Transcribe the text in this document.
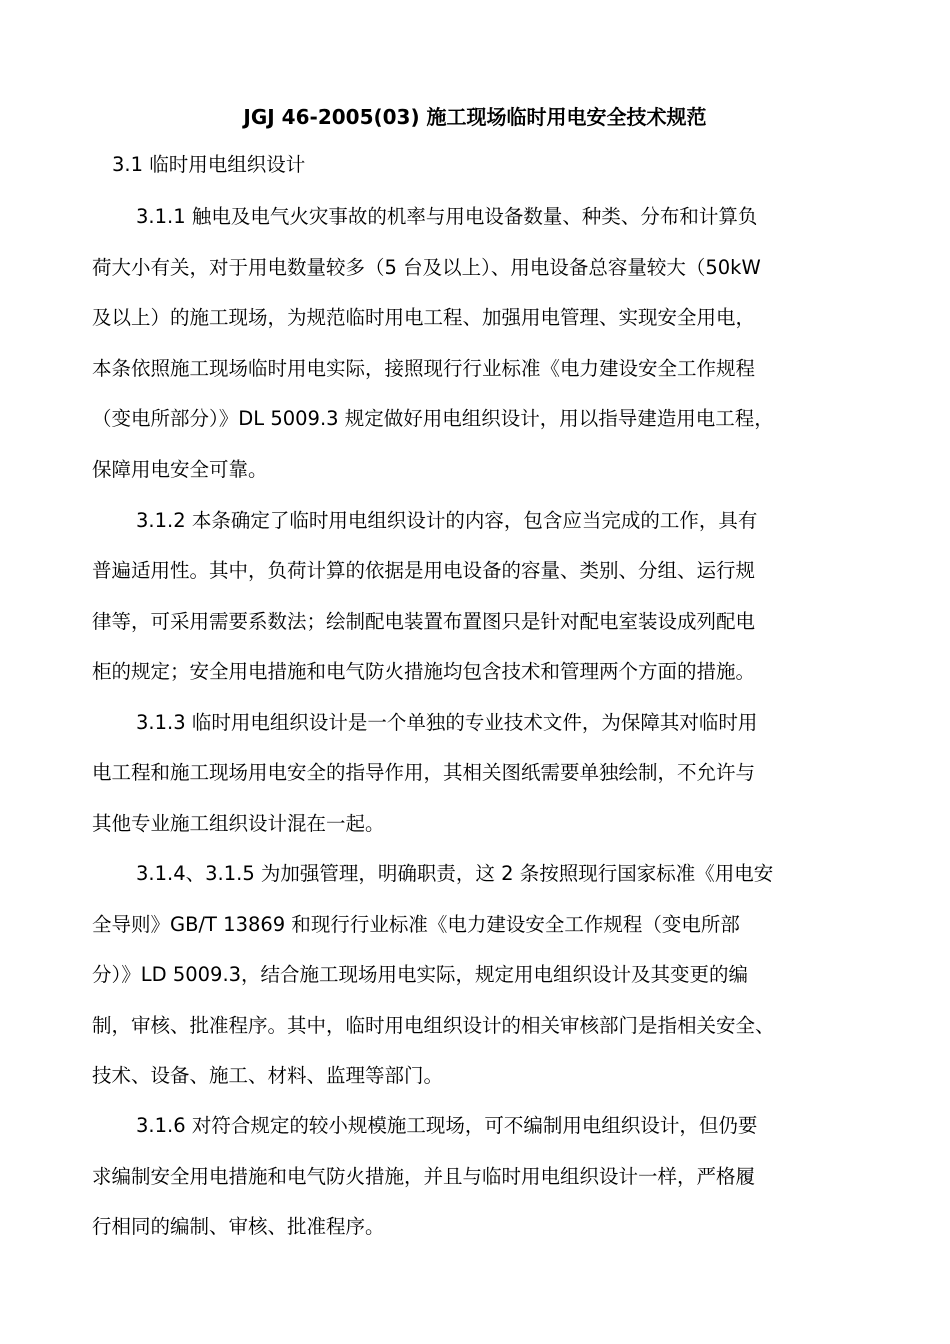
JGJ 46-2005(03) 施工现场临时用电安全技术规范
3.1 临时用电组织设计
3.1.1 触电及电气火灾事故的机率与用电设备数量、种类、分布和计算负
荷大小有关，对于用电数量较多（5 台及以上）、用电设备总容量较大（50kW
及以上）的施工现场，为规范临时用电工程、加强用电管理、实现安全用电，
本条依照施工现场临时用电实际，接照现行行业标准《电力建设安全工作规程
（变电所部分）》DL 5009.3 规定做好用电组织设计，用以指导建造用电工程，
保障用电安全可靠。
3.1.2 本条确定了临时用电组织设计的内容，包含应当完成的工作，具有
普遍适用性。其中，负荷计算的依据是用电设备的容量、类别、分组、运行规
律等，可采用需要系数法；绘制配电装置布置图只是针对配电室装设成列配电
柜的规定；安全用电措施和电气防火措施均包含技术和管理两个方面的措施。
3.1.3 临时用电组织设计是一个单独的专业技术文件，为保障其对临时用
电工程和施工现场用电安全的指导作用，其相关图纸需要单独绘制，不允许与
其他专业施工组织设计混在一起。
3.1.4、3.1.5 为加强管理，明确职责，这 2 条按照现行国家标准《用电安
全导则》GB/T 13869 和现行行业标准《电力建设安全工作规程（变电所部
分）》LD 5009.3，结合施工现场用电实际，规定用电组织设计及其变更的编
制，审核、批准程序。其中，临时用电组织设计的相关审核部门是指相关安全、
技术、设备、施工、材料、监理等部门。
3.1.6 对符合规定的较小规模施工现场，可不编制用电组织设计，但仍要
求编制安全用电措施和电气防火措施，并且与临时用电组织设计一样，严格履
行相同的编制、审核、批准程序。
